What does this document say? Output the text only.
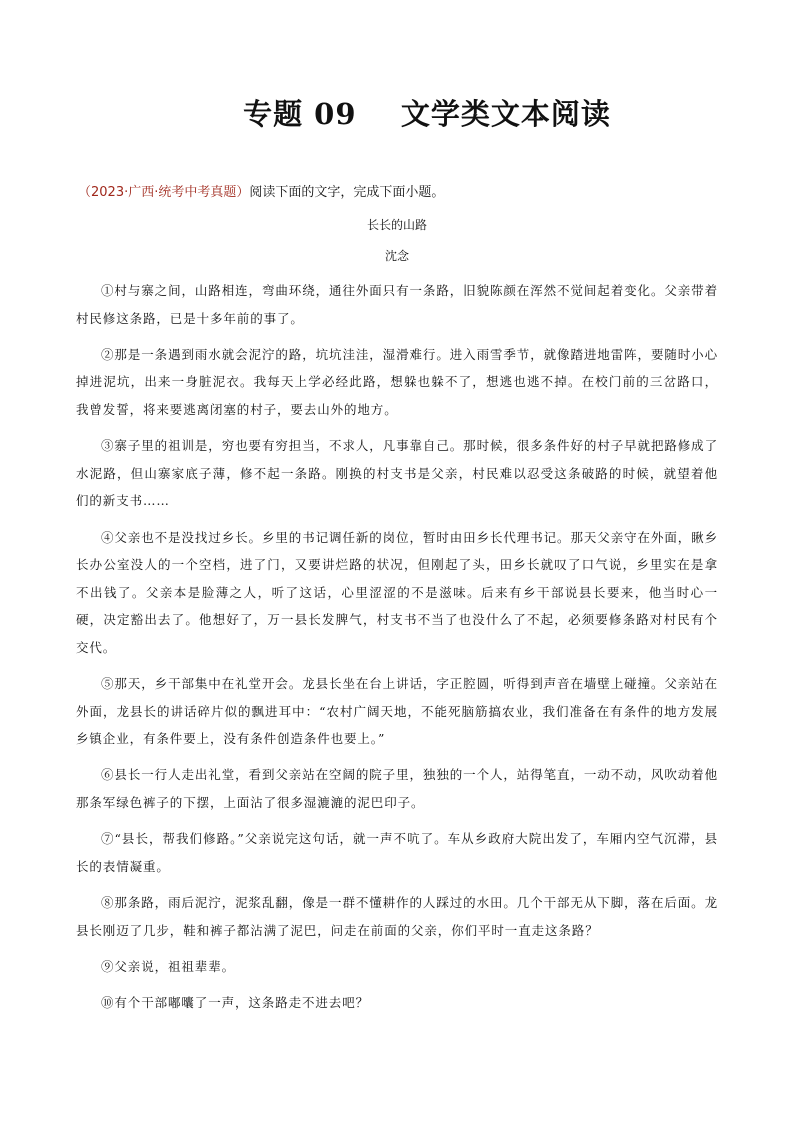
专题 09    文学类文本阅读
（2023·广西·统考中考真题）阅读下面的文字，完成下面小题。
长长的山路
沈念

①村与寨之间，山路相连，弯曲环绕，通往外面只有一条路，旧貌陈颜在浑然不觉间起着变化。父亲带着村民修这条路，已是十多年前的事了。

②那是一条遇到雨水就会泥泞的路，坑坑洼洼，湿滑难行。进入雨雪季节，就像踏进地雷阵，要随时小心掉进泥坑，出来一身脏泥衣。我每天上学必经此路，想躲也躲不了，想逃也逃不掉。在校门前的三岔路口，我曾发誓，将来要逃离闭塞的村子，要去山外的地方。

③寨子里的祖训是，穷也要有穷担当，不求人，凡事靠自己。那时候，很多条件好的村子早就把路修成了水泥路，但山寨家底子薄，修不起一条路。刚换的村支书是父亲，村民难以忍受这条破路的时候，就望着他们的新支书……

④父亲也不是没找过乡长。乡里的书记调任新的岗位，暂时由田乡长代理书记。那天父亲守在外面，瞅乡长办公室没人的一个空档，进了门，又要讲烂路的状况，但刚起了头，田乡长就叹了口气说，乡里实在是拿不出钱了。父亲本是脸薄之人，听了这话，心里涩涩的不是滋味。后来有乡干部说县长要来，他当时心一硬，决定豁出去了。他想好了，万一县长发脾气，村支书不当了也没什么了不起，必须要修条路对村民有个交代。

⑤那天，乡干部集中在礼堂开会。龙县长坐在台上讲话，字正腔圆，听得到声音在墙壁上碰撞。父亲站在外面，龙县长的讲话碎片似的飘进耳中：“农村广阔天地，不能死脑筋搞农业，我们准备在有条件的地方发展乡镇企业，有条件要上，没有条件创造条件也要上。”

⑥县长一行人走出礼堂，看到父亲站在空阔的院子里，独独的一个人，站得笔直，一动不动，风吹动着他那条军绿色裤子的下摆，上面沾了很多湿漉漉的泥巴印子。

⑦“县长，帮我们修路。”父亲说完这句话，就一声不吭了。车从乡政府大院出发了，车厢内空气沉滞，县长的表情凝重。

⑧那条路，雨后泥泞，泥浆乱翻，像是一群不懂耕作的人踩过的水田。几个干部无从下脚，落在后面。龙县长刚迈了几步，鞋和裤子都沾满了泥巴，问走在前面的父亲，你们平时一直走这条路？

⑨父亲说，祖祖辈辈。

⑩有个干部嘟囔了一声，这条路走不进去吧？
